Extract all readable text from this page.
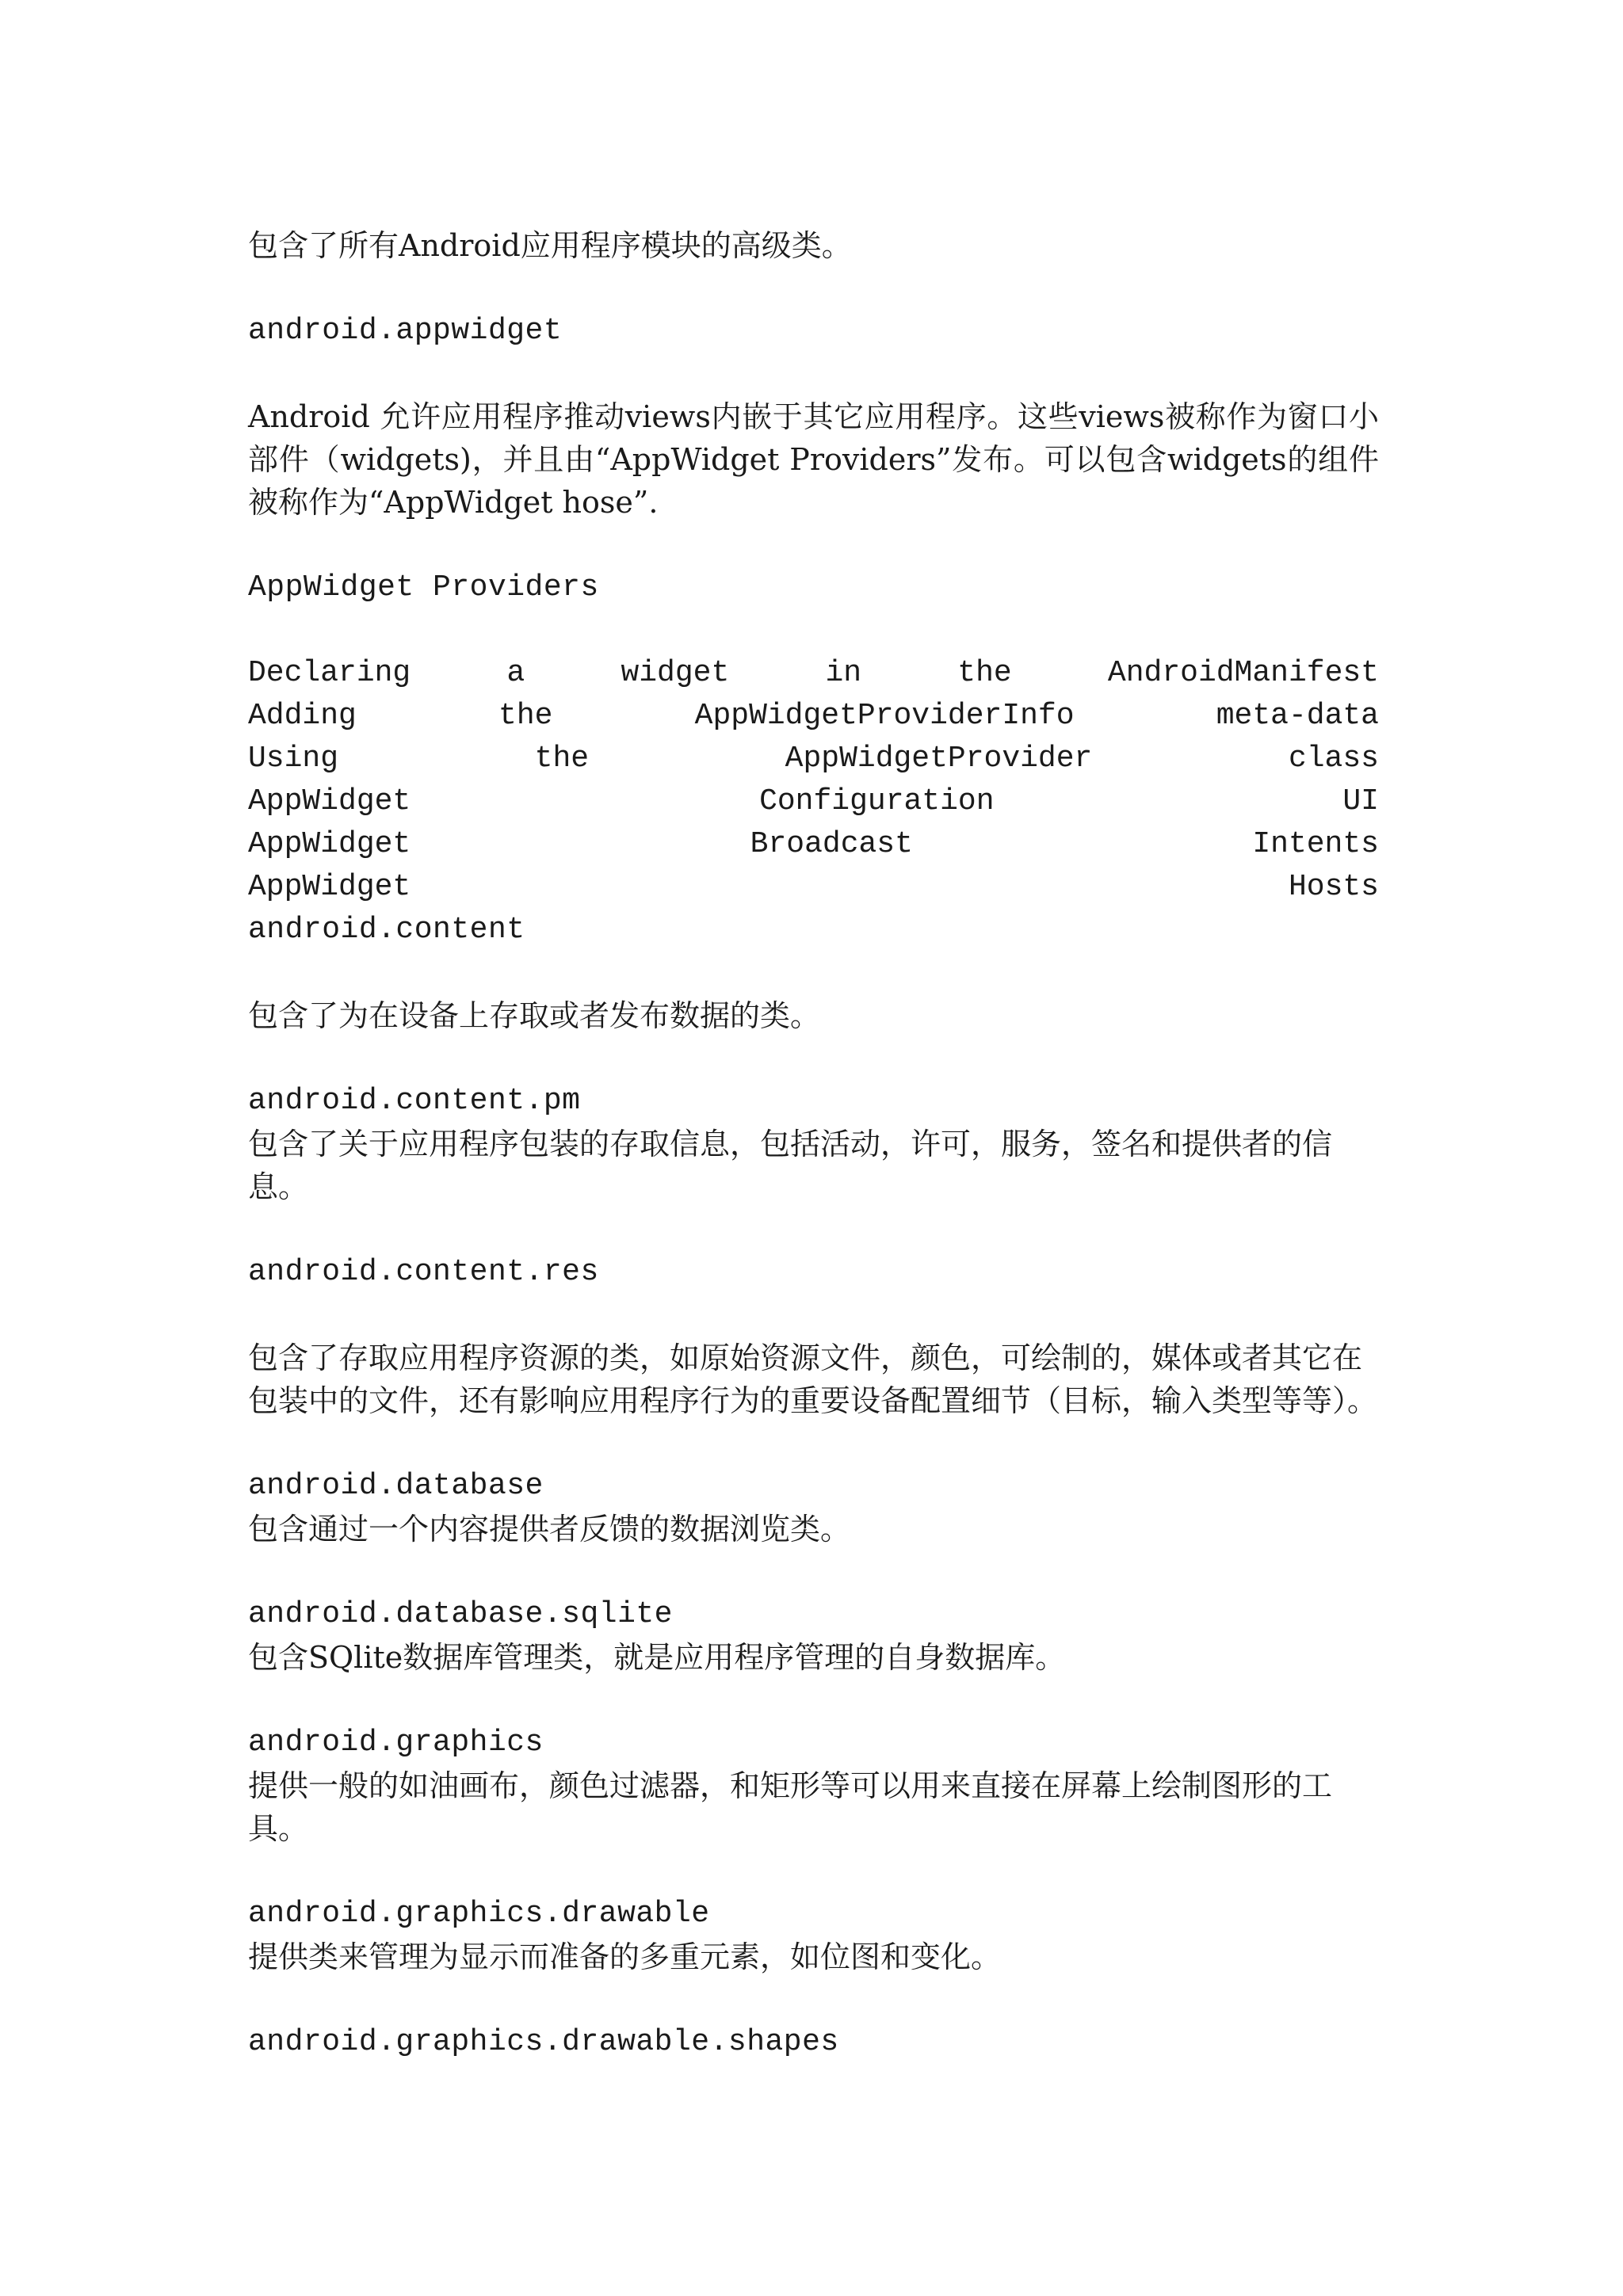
包含了所有Android应用程序模块的高级类。

android.appwidget

Android 允许应用程序推动views内嵌于其它应用程序。这些views被称作为窗口小部件（widgets)，并且由“AppWidget Providers”发布。可以包含widgets的组件被称作为“AppWidget hose”.

AppWidget Providers

Declaring	a	widget	in	the	AndroidManifest
Adding	the	AppWidgetProviderInfo	meta-data
Using	the	AppWidgetProvider	class
AppWidget	Configuration	UI
AppWidget	Broadcast	Intents
AppWidget	Hosts

android.content

包含了为在设备上存取或者发布数据的类。

android.content.pm

包含了关于应用程序包装的存取信息，包括活动，许可，服务，签名和提供者的信息。

android.content.res

包含了存取应用程序资源的类，如原始资源文件，颜色，可绘制的，媒体或者其它在包装中的文件，还有影响应用程序行为的重要设备配置细节（目标，输入类型等等）。

android.database

包含通过一个内容提供者反馈的数据浏览类。

android.database.sqlite

包含SQlite数据库管理类，就是应用程序管理的自身数据库。

android.graphics

提供一般的如油画布，颜色过滤器，和矩形等可以用来直接在屏幕上绘制图形的工具。

android.graphics.drawable

提供类来管理为显示而准备的多重元素，如位图和变化。

android.graphics.drawable.shapes
